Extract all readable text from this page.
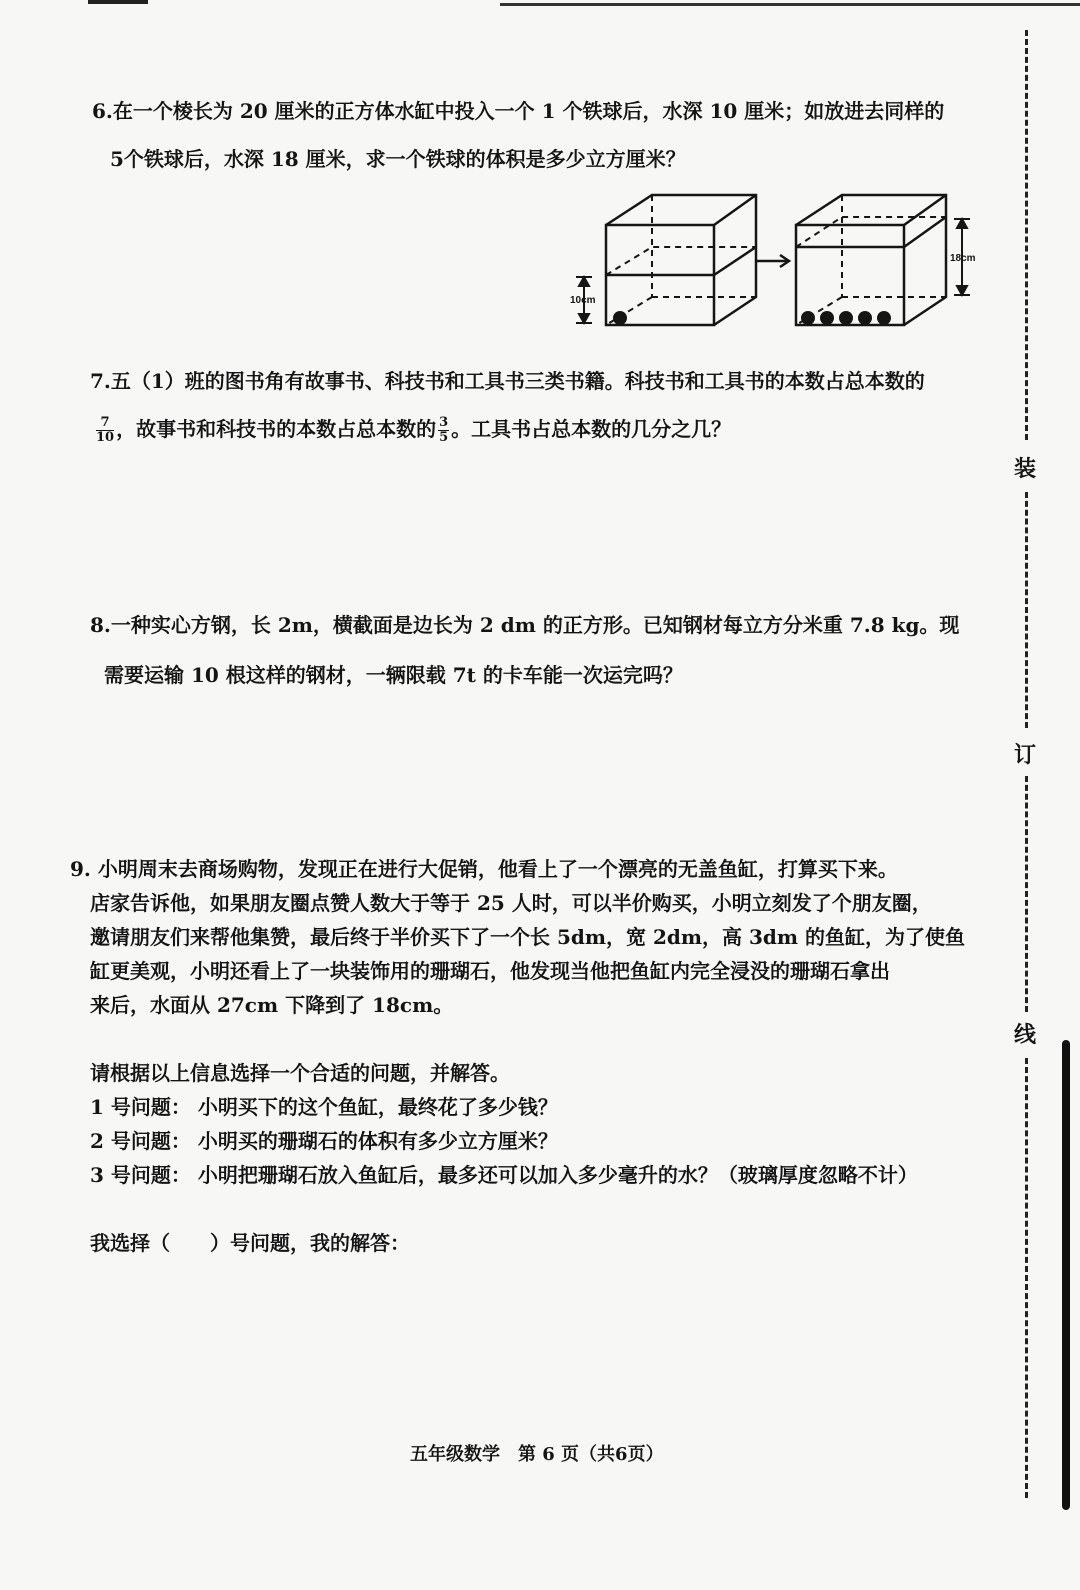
6.在一个棱长为 20 厘米的正方体水缸中投入一个 1 个铁球后，水深 10 厘米；如放进去同样的
5个铁球后，水深 18 厘米，求一个铁球的体积是多少立方厘米？
10cm
18cm
7.五（1）班的图书角有故事书、科技书和工具书三类书籍。科技书和工具书的本数占总本数的
$\frac{7}{10}$ ，故事书和科技书的本数占总本数的 $\frac{3}{5}$ 。工具书占总本数的几分之几？
8.一种实心方钢，长 2m，横截面是边长为 2 dm 的正方形。已知钢材每立方分米重 7.8 kg。现
需要运输 10 根这样的钢材，一辆限载 7t 的卡车能一次运完吗？
9. 小明周末去商场购物，发现正在进行大促销，他看上了一个漂亮的无盖鱼缸，打算买下来。
店家告诉他，如果朋友圈点赞人数大于等于 25 人时，可以半价购买，小明立刻发了个朋友圈，
邀请朋友们来帮他集赞，最后终于半价买下了一个长 5dm，宽 2dm，高 3dm 的鱼缸，为了使鱼
缸更美观，小明还看上了一块装饰用的珊瑚石，他发现当他把鱼缸内完全浸没的珊瑚石拿出
来后，水面从 27cm 下降到了 18cm。
请根据以上信息选择一个合适的问题，并解答。
1 号问题： 小明买下的这个鱼缸，最终花了多少钱？
2 号问题： 小明买的珊瑚石的体积有多少立方厘米？
3 号问题： 小明把珊瑚石放入鱼缸后，最多还可以加入多少毫升的水？（玻璃厚度忽略不计）
我选择（　　）号问题，我的解答：
装
订
线
五年级数学　第 6 页（共6页）
